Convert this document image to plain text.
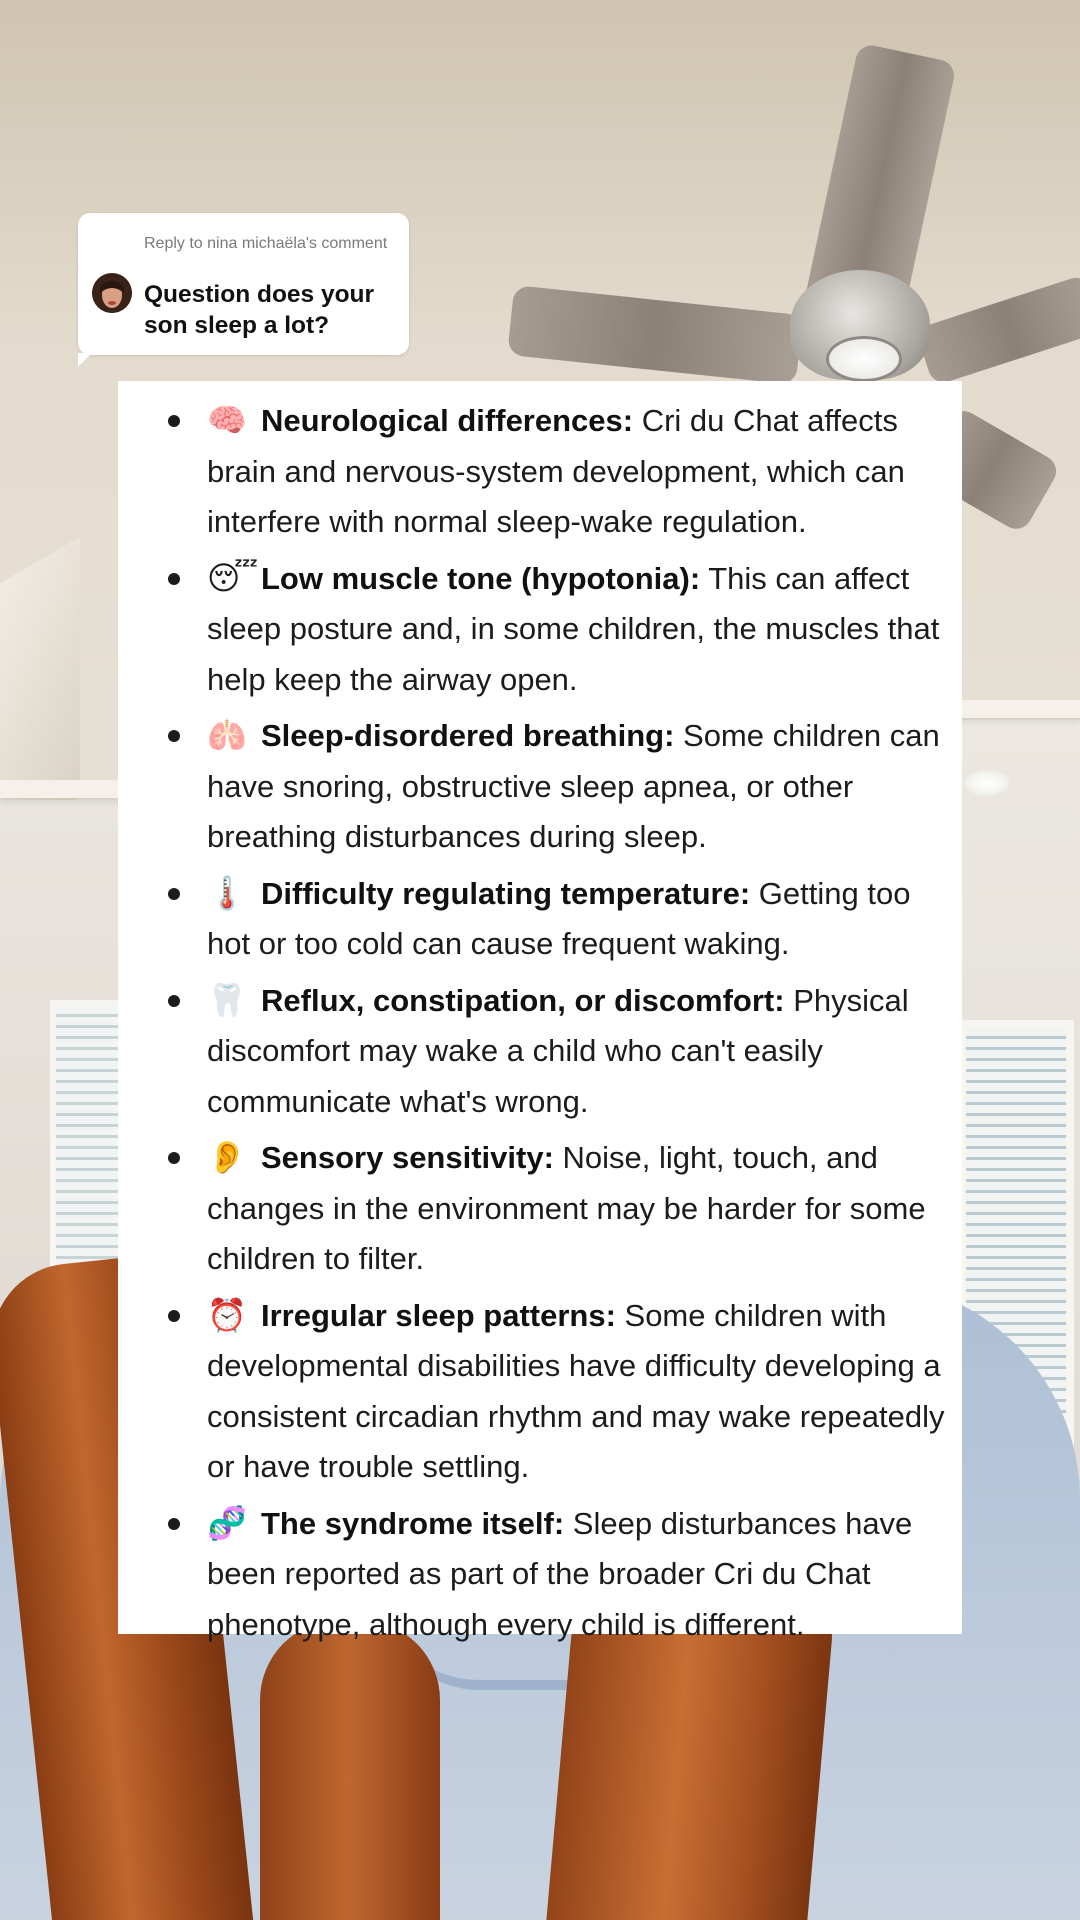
Reply to nina michaëla's comment
Question does your son sleep a lot?
🧠 Neurological differences: Cri du Chat affects brain and nervous-system development, which can interfere with normal sleep-wake regulation.
😴Low muscle tone (hypotonia): This can affect sleep posture and, in some children, the muscles that help keep the airway open.
🫁 Sleep-disordered breathing: Some children can have snoring, obstructive sleep apnea, or other breathing disturbances during sleep.
🌡️ Difficulty regulating temperature: Getting too hot or too cold can cause frequent waking.
🦷 Reflux, constipation, or discomfort: Physical discomfort may wake a child who can't easily communicate what's wrong.
👂 Sensory sensitivity: Noise, light, touch, and changes in the environment may be harder for some children to filter.
⏰ Irregular sleep patterns: Some children with developmental disabilities have difficulty developing a consistent circadian rhythm and may wake repeatedly or have trouble settling.
🧬 The syndrome itself: Sleep disturbances have been reported as part of the broader Cri du Chat phenotype, although every child is different.
